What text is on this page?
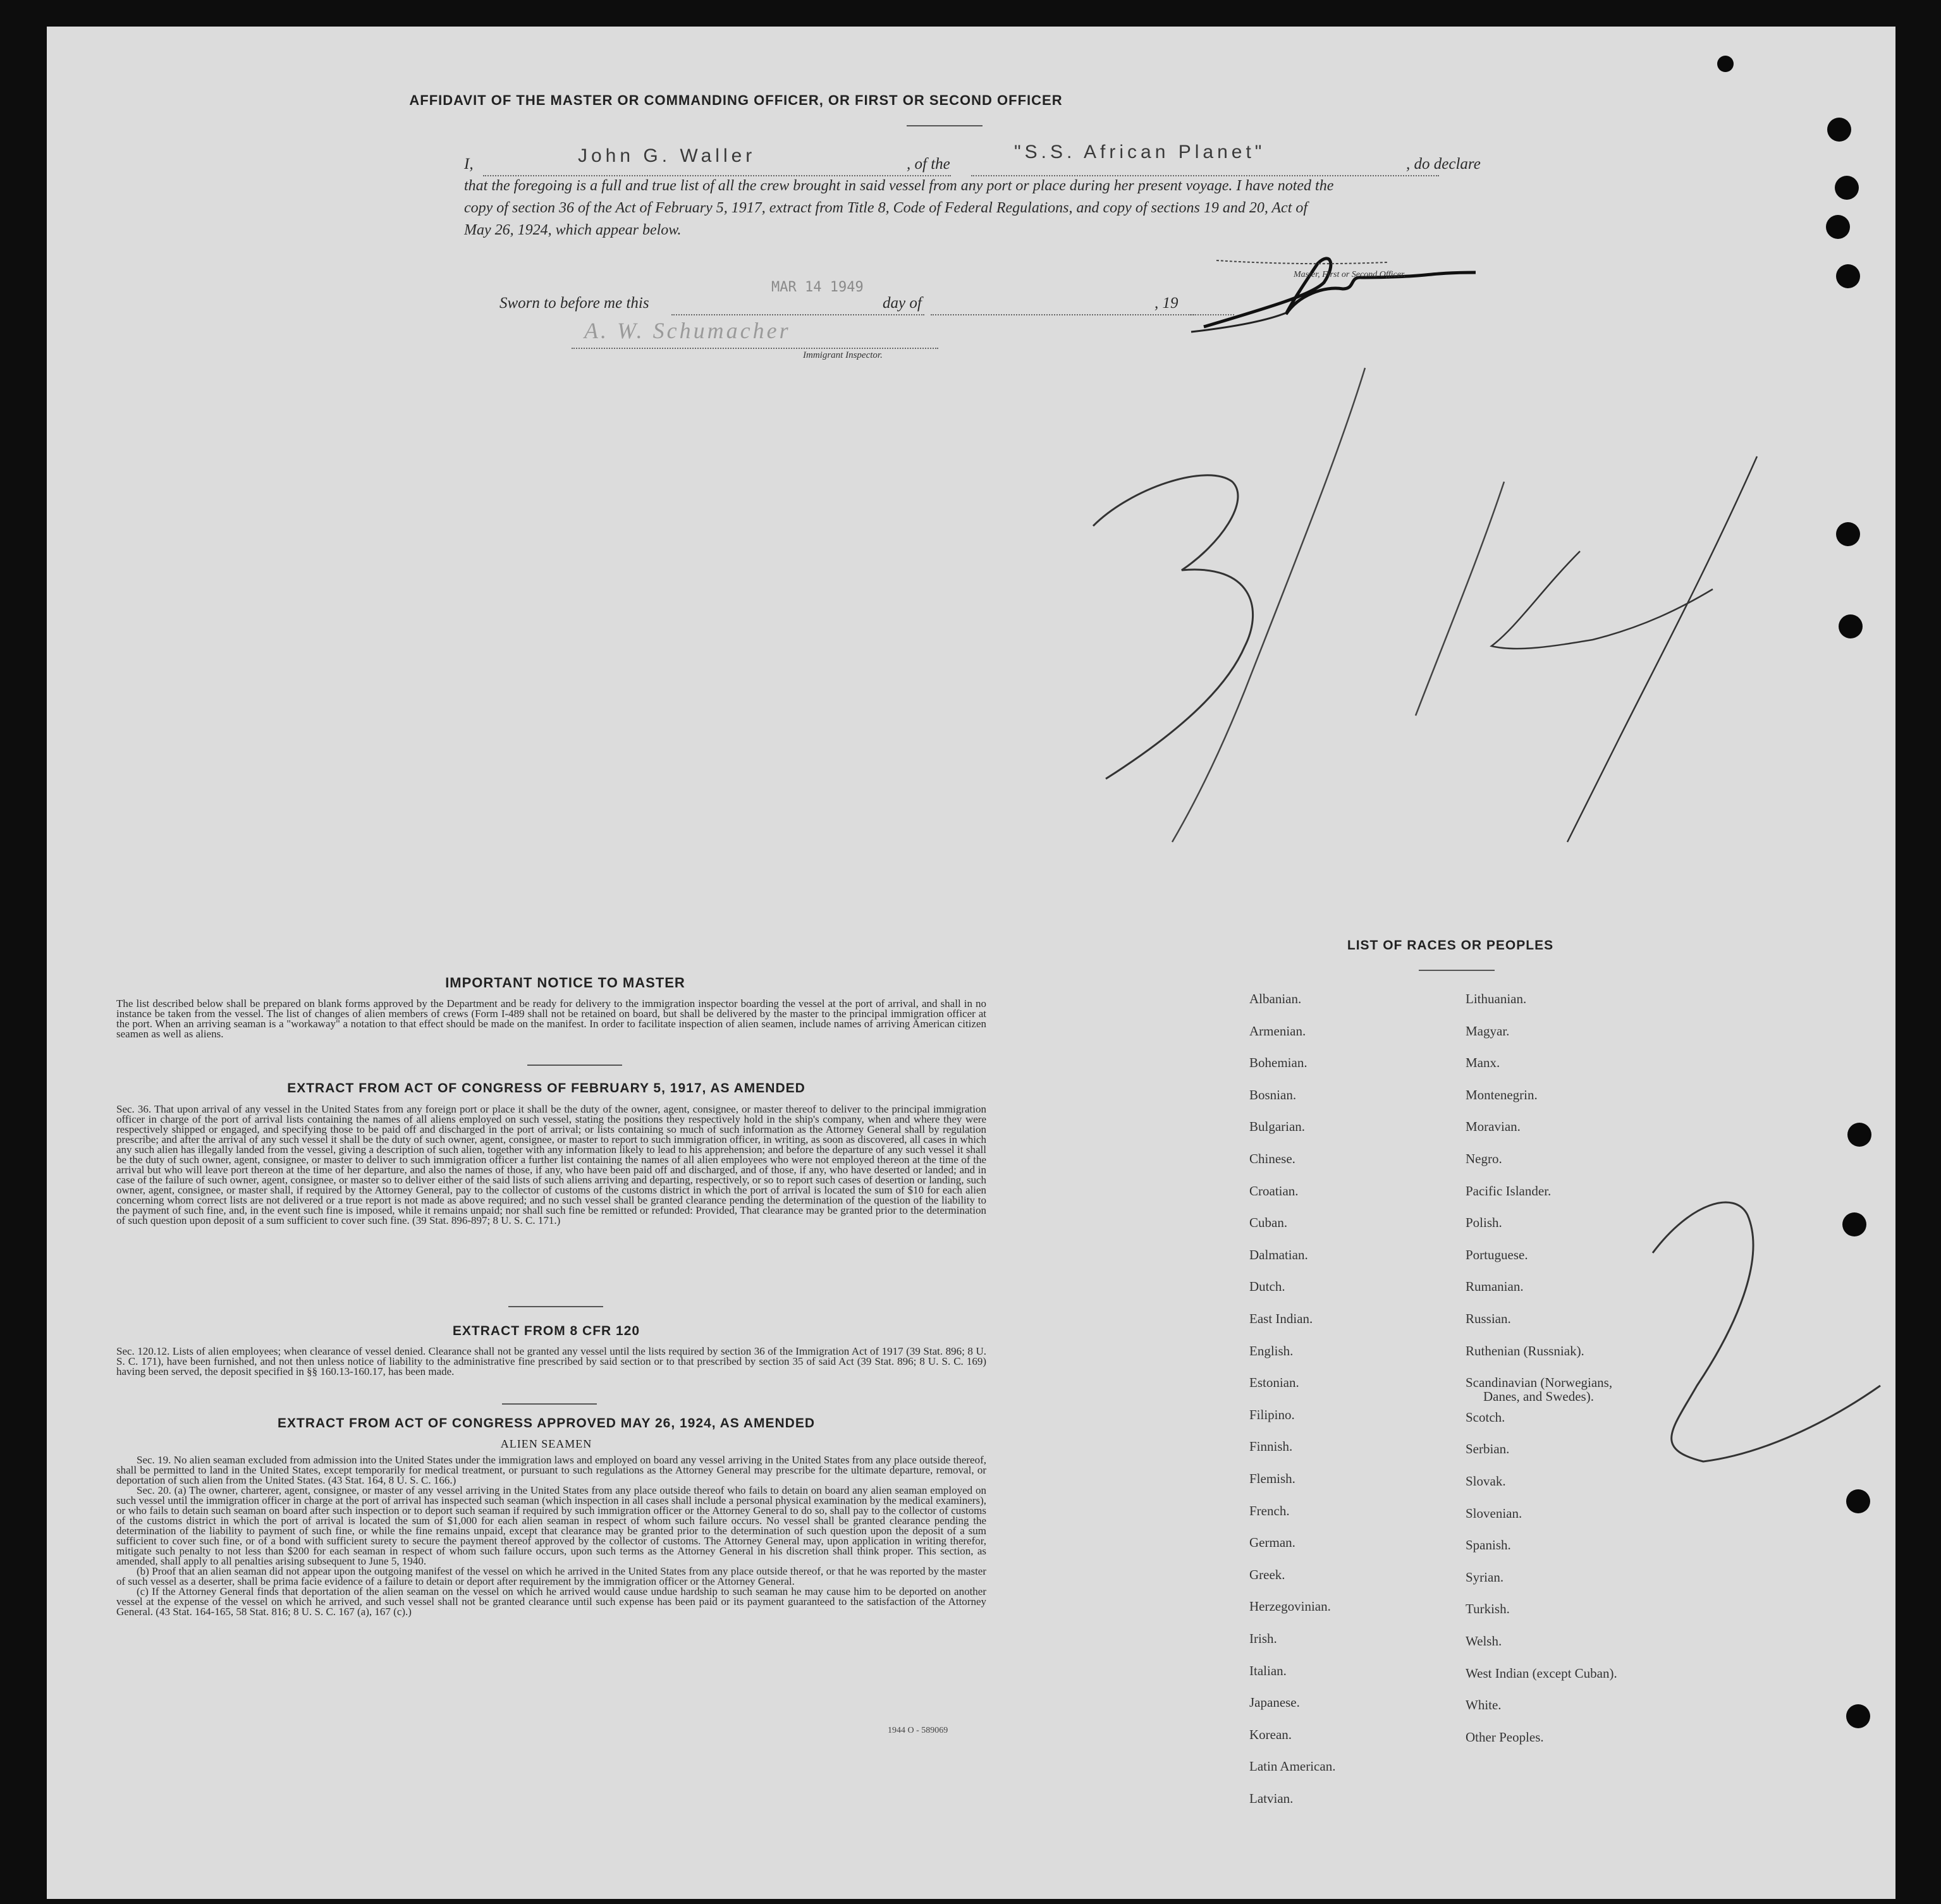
AFFIDAVIT OF THE MASTER OR COMMANDING OFFICER, OR FIRST OR SECOND OFFICER
I,	John G. Waller	, of the
"S.S. African Planet"
, do declare
that the foregoing is a full and true list of all the crew brought in said vessel from any port or place during her present voyage. I have noted the
copy of section 36 of the Act of February 5, 1917, extract from Title 8, Code of Federal Regulations, and copy of sections 19 and 20, Act of
May 26, 1924, which appear below.
Master, First or Second Officer.
Sworn to before me this
MAR 14 1949
day of	, 19
A. W. Schumacher
Immigrant Inspector.
IMPORTANT NOTICE TO MASTER
The list described below shall be prepared on blank forms approved by the Department and be ready for delivery to the immigration inspector boarding the vessel at the port of arrival, and shall in no instance be taken from the vessel. The list of changes of alien members of crews (Form I-489 shall not be retained on board, but shall be delivered by the master to the principal immigration officer at the port. When an arriving seaman is a "workaway" a notation to that effect should be made on the manifest. In order to facilitate inspection of alien seamen, include names of arriving American citizen seamen as well as aliens.
EXTRACT FROM ACT OF CONGRESS OF FEBRUARY 5, 1917, AS AMENDED
Sec. 36. That upon arrival of any vessel in the United States from any foreign port or place it shall be the duty of the owner, agent, consignee, or master thereof to deliver to the principal immigration officer in charge of the port of arrival lists containing the names of all aliens employed on such vessel, stating the positions they respectively hold in the ship's company, when and where they were respectively shipped or engaged, and specifying those to be paid off and discharged in the port of arrival; or lists containing so much of such information as the Attorney General shall by regulation prescribe; and after the arrival of any such vessel it shall be the duty of such owner, agent, consignee, or master to report to such immigration officer, in writing, as soon as discovered, all cases in which any such alien has illegally landed from the vessel, giving a description of such alien, together with any information likely to lead to his apprehension; and before the departure of any such vessel it shall be the duty of such owner, agent, consignee, or master to deliver to such immigration officer a further list containing the names of all alien employees who were not employed thereon at the time of the arrival but who will leave port thereon at the time of her departure, and also the names of those, if any, who have been paid off and discharged, and of those, if any, who have deserted or landed; and in case of the failure of such owner, agent, consignee, or master so to deliver either of the said lists of such aliens arriving and departing, respectively, or so to report such cases of desertion or landing, such owner, agent, consignee, or master shall, if required by the Attorney General, pay to the collector of customs of the customs district in which the port of arrival is located the sum of $10 for each alien concerning whom correct lists are not delivered or a true report is not made as above required; and no such vessel shall be granted clearance pending the determination of the question of the liability to the payment of such fine, and, in the event such fine is imposed, while it remains unpaid; nor shall such fine be remitted or refunded: Provided, That clearance may be granted prior to the determination of such question upon deposit of a sum sufficient to cover such fine. (39 Stat. 896-897; 8 U. S. C. 171.)
EXTRACT FROM 8 CFR 120
Sec. 120.12. Lists of alien employees; when clearance of vessel denied. Clearance shall not be granted any vessel until the lists required by section 36 of the Immigration Act of 1917 (39 Stat. 896; 8 U. S. C. 171), have been furnished, and not then unless notice of liability to the administrative fine prescribed by said section or to that prescribed by section 35 of said Act (39 Stat. 896; 8 U. S. C. 169) having been served, the deposit specified in §§ 160.13-160.17, has been made.
EXTRACT FROM ACT OF CONGRESS APPROVED MAY 26, 1924, AS AMENDED
ALIEN SEAMEN

Sec. 19. No alien seaman excluded from admission into the United States under the immigration laws and employed on board any vessel arriving in the United States from any place outside thereof, shall be permitted to land in the United States, except temporarily for medical treatment, or pursuant to such regulations as the Attorney General may prescribe for the ultimate departure, removal, or deportation of such alien from the United States. (43 Stat. 164, 8 U. S. C. 166.)

Sec. 20. (a) The owner, charterer, agent, consignee, or master of any vessel arriving in the United States from any place outside thereof who fails to detain on board any alien seaman employed on such vessel until the immigration officer in charge at the port of arrival has inspected such seaman (which inspection in all cases shall include a personal physical examination by the medical examiners), or who fails to detain such seaman on board after such inspection or to deport such seaman if required by such immigration officer or the Attorney General to do so, shall pay to the collector of customs of the customs district in which the port of arrival is located the sum of $1,000 for each alien seaman in respect of whom such failure occurs. No vessel shall be granted clearance pending the determination of the liability to payment of such fine, or while the fine remains unpaid, except that clearance may be granted prior to the determination of such question upon the deposit of a sum sufficient to cover such fine, or of a bond with sufficient surety to secure the payment thereof approved by the collector of customs. The Attorney General may, upon application in writing therefor, mitigate such penalty to not less than $200 for each seaman in respect of whom such failure occurs, upon such terms as the Attorney General in his discretion shall think proper. This section, as amended, shall apply to all penalties arising subsequent to June 5, 1940.

(b) Proof that an alien seaman did not appear upon the outgoing manifest of the vessel on which he arrived in the United States from any place outside thereof, or that he was reported by the master of such vessel as a deserter, shall be prima facie evidence of a failure to detain or deport after requirement by the immigration officer or the Attorney General.

(c) If the Attorney General finds that deportation of the alien seaman on the vessel on which he arrived would cause undue hardship to such seaman he may cause him to be deported on another vessel at the expense of the vessel on which he arrived, and such vessel shall not be granted clearance until such expense has been paid or its payment guaranteed to the satisfaction of the Attorney General. (43 Stat. 164-165, 58 Stat. 816; 8 U. S. C. 167 (a), 167 (c).)

1944 O - 589069
LIST OF RACES OR PEOPLES
Albanian.
Armenian.
Bohemian.
Bosnian.
Bulgarian.
Chinese.
Croatian.
Cuban.
Dalmatian.
Dutch.
East Indian.
English.
Estonian.
Filipino.
Finnish.
Flemish.
French.
German.
Greek.
Herzegovinian.
Irish.
Italian.
Japanese.
Korean.
Latin American.
Latvian.
Lithuanian.
Magyar.
Manx.
Montenegrin.
Moravian.
Negro.
Pacific Islander.
Polish.
Portuguese.
Rumanian.
Russian.
Ruthenian (Russniak).
Scandinavian (Norwegians,
Danes, and Swedes).
Scotch.
Serbian.
Slovak.
Slovenian.
Spanish.
Syrian.
Turkish.
Welsh.
West Indian (except Cuban).
White.
Other Peoples.
